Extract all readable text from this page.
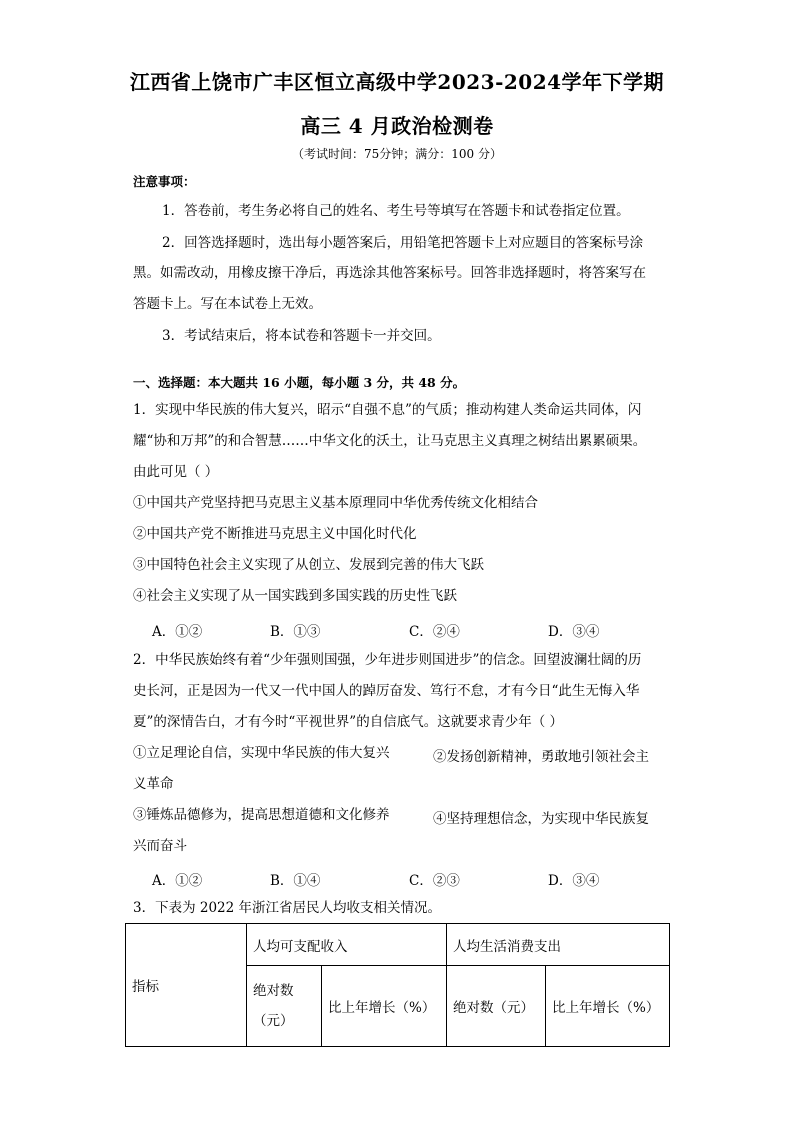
江西省上饶市广丰区恒立高级中学2023-2024学年下学期
高三 4 月政治检测卷
（考试时间：75分钟；满分：100 分）
注意事项：
1．答卷前，考生务必将自己的姓名、考生号等填写在答题卡和试卷指定位置。
2．回答选择题时，选出每小题答案后，用铅笔把答题卡上对应题目的答案标号涂
黑。如需改动，用橡皮擦干净后，再选涂其他答案标号。回答非选择题时，将答案写在
答题卡上。写在本试卷上无效。
3．考试结束后，将本试卷和答题卡一并交回。
一、选择题：本大题共 16 小题，每小题 3 分，共 48 分。
1．实现中华民族的伟大复兴，昭示“自强不息”的气质；推动构建人类命运共同体，闪
耀“协和万邦”的和合智慧……中华文化的沃土，让马克思主义真理之树结出累累硕果。
由此可见（ ）
①中国共产党坚持把马克思主义基本原理同中华优秀传统文化相结合
②中国共产党不断推进马克思主义中国化时代化
③中国特色社会主义实现了从创立、发展到完善的伟大飞跃
④社会主义实现了从一国实践到多国实践的历史性飞跃
A．①②	B．①③	C．②④	D．③④
2．中华民族始终有着“少年强则国强，少年进步则国进步”的信念。回望波澜壮阔的历
史长河，正是因为一代又一代中国人的踔厉奋发、笃行不怠，才有今日“此生无悔入华
夏”的深情告白，才有今时“平视世界”的自信底气。这就要求青少年（ ）
①立足理论自信，实现中华民族的伟大复兴	②发扬创新精神，勇敢地引领社会主
义革命
③锤炼品德修为，提高思想道德和文化修养	④坚持理想信念，为实现中华民族复
兴而奋斗
A．①②	B．①④	C．②③	D．③④
3．下表为 2022 年浙江省居民人均收支相关情况。
指标	人均可支配收入		人均生活消费支出	

	绝对数
（元）	比上年增长（%）	绝对数（元）	比上年增长（%）
